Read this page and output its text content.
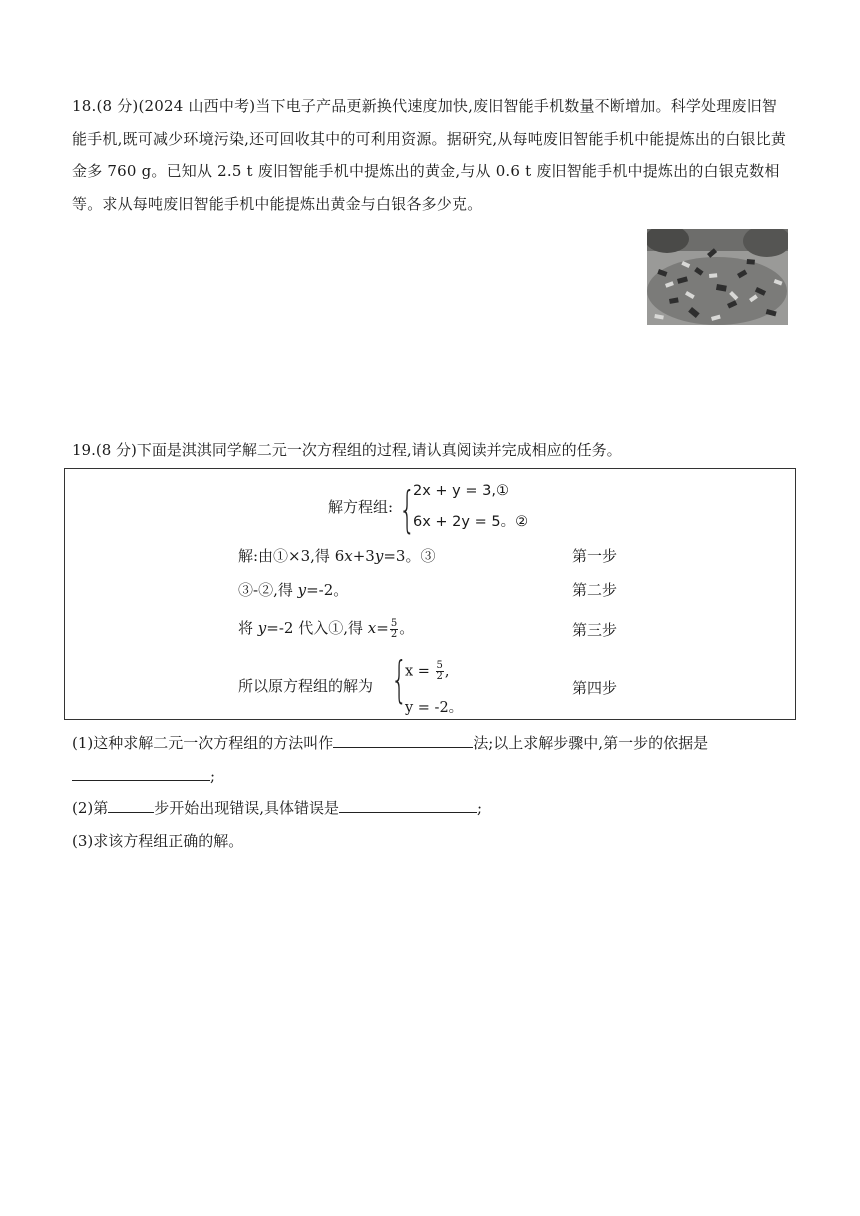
18.(8 分)(2024 山西中考)当下电子产品更新换代速度加快,废旧智能手机数量不断增加。科学处理废旧智能手机,既可减少环境污染,还可回收其中的可利用资源。据研究,从每吨废旧智能手机中能提炼出的白银比黄金多 760 g。已知从 2.5 t 废旧智能手机中提炼出的黄金,与从 0.6 t 废旧智能手机中提炼出的白银克数相等。求从每吨废旧智能手机中能提炼出黄金与白银各多少克。
19.(8 分)下面是淇淇同学解二元一次方程组的过程,请认真阅读并完成相应的任务。
解方程组: {
2x + y = 3,①
6x + 2y = 5。②
解:由①×3,得 6x+3y=3。③	第一步
③-②,得 y=-2。	第二步
将 y=-2 代入①,得 $x= \frac{5}{2}$ 。	第三步
所以原方程组的解为 {
$x = \frac{5}{2}$ ,
y = -2。
第四步
(1)这种求解二元一次方程组的方法叫作	法;以上求解步骤中,第一步的依据是;
(2)第	步开始出现错误,具体错误是	;
(3)求该方程组正确的解。
